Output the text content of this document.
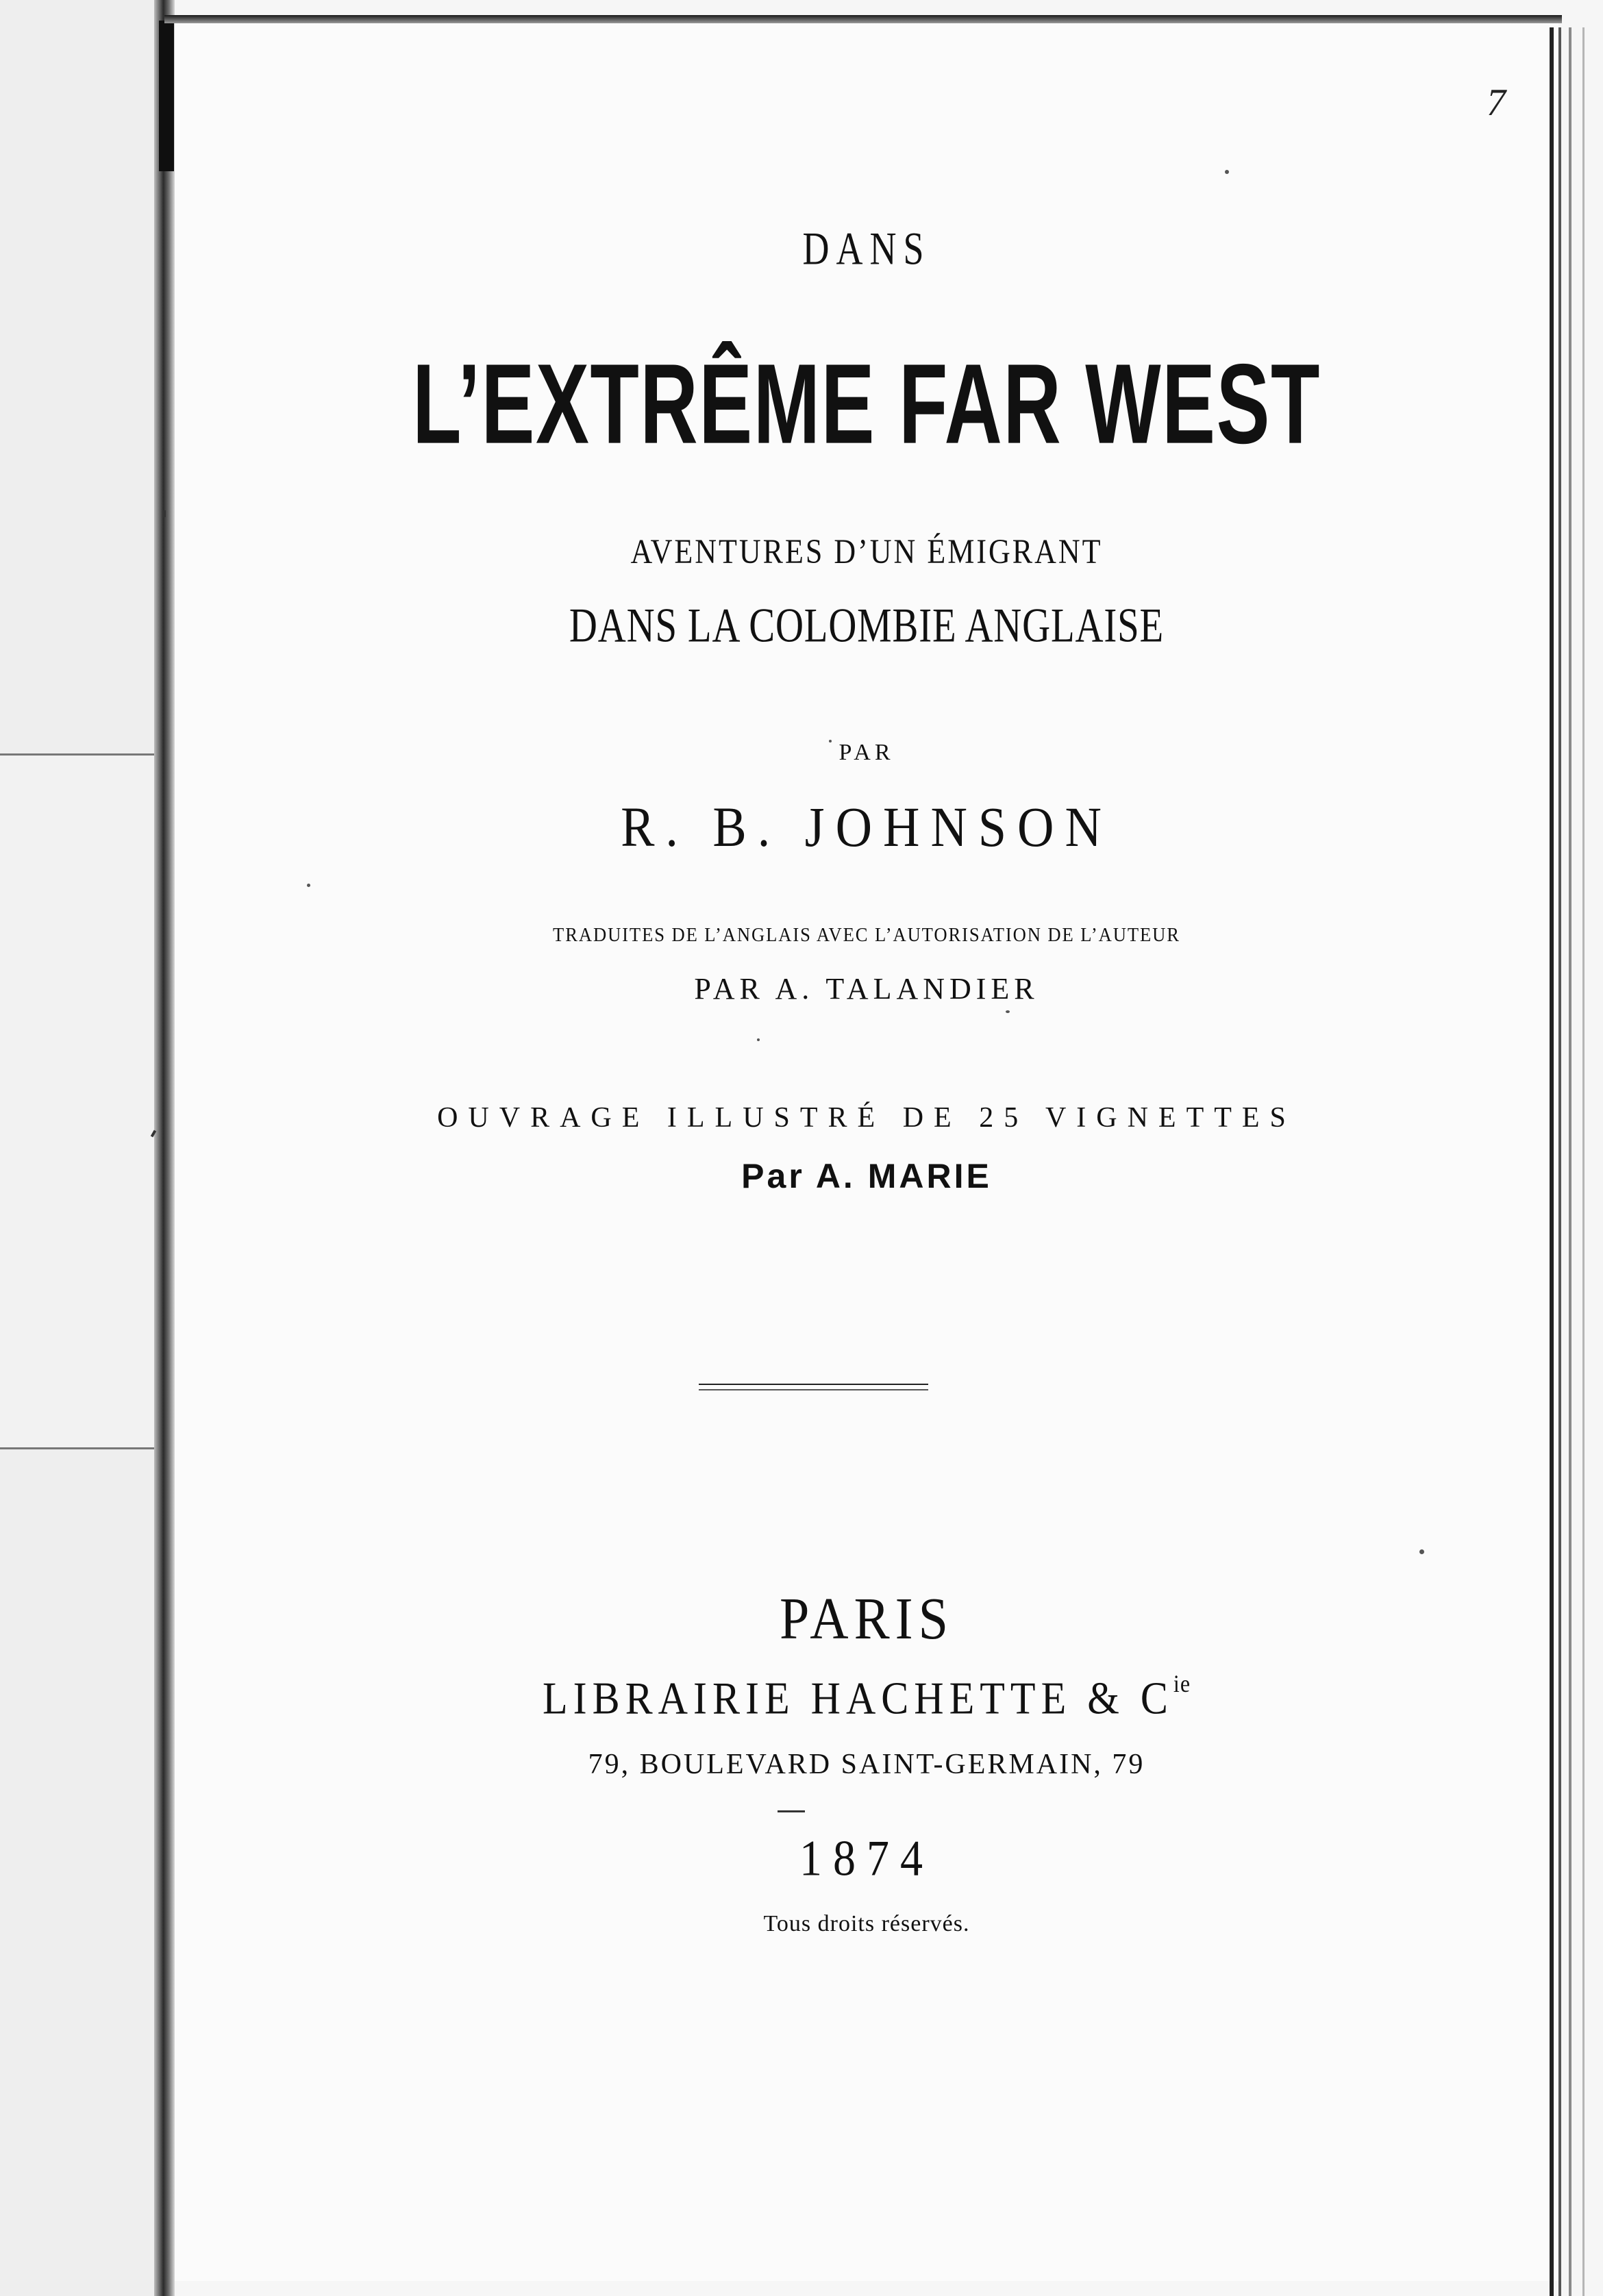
7
DANS
L’EXTRÊME FAR WEST
AVENTURES D’UN ÉMIGRANT
DANS LA COLOMBIE ANGLAISE
PAR
R. B. JOHNSON
TRADUITES DE L’ANGLAIS AVEC L’AUTORISATION DE L’AUTEUR
PAR A. TALANDIER
OUVRAGE ILLUSTRÉ DE 25 VIGNETTES
Par A. MARIE
PARIS
LIBRAIRIE HACHETTE & $C^{ie}$
79, BOULEVARD SAINT-GERMAIN, 79
1874
Tous droits réservés.
